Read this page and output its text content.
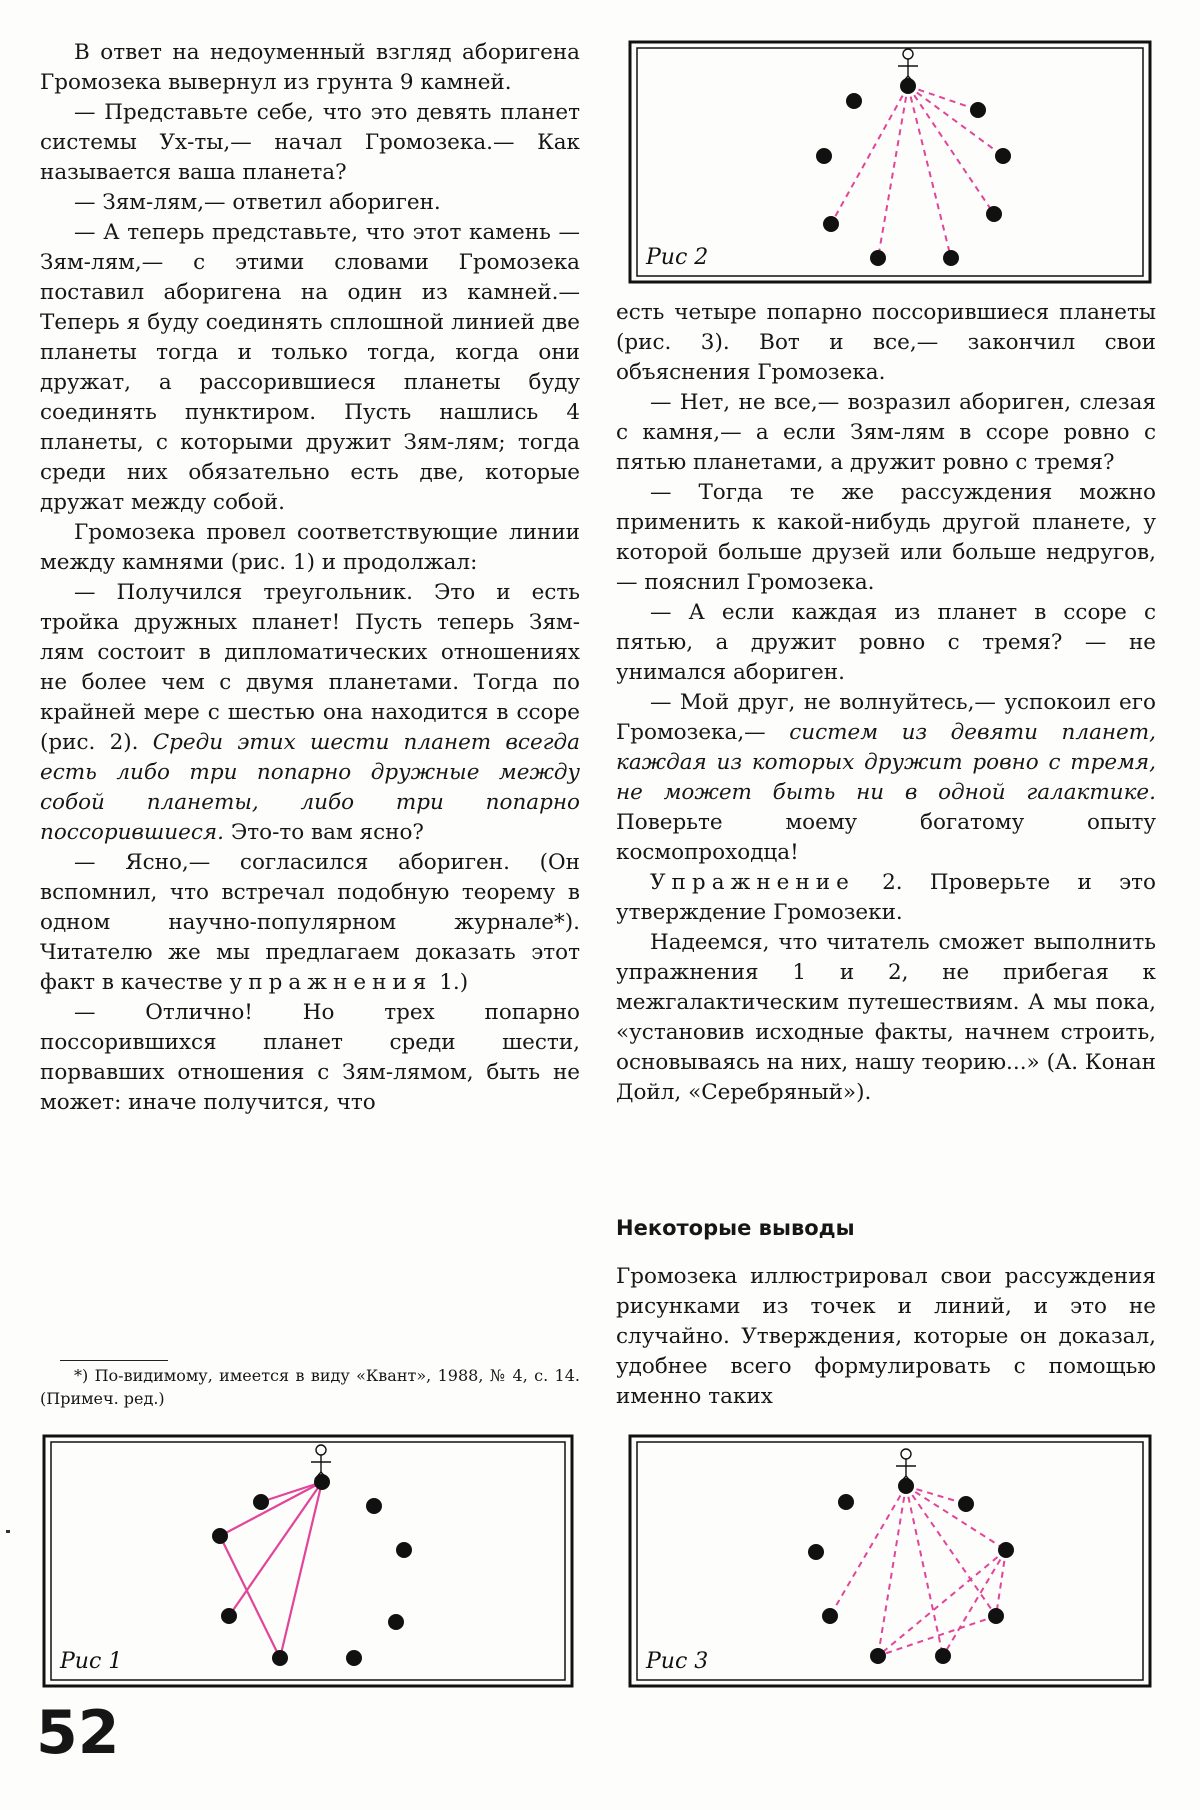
В ответ на недоуменный взгляд аборигена Громозека вывернул из грунта 9 камней.

— Представьте себе, что это девять планет системы Ух-ты,— начал Громозека.— Как называется ваша планета?

— Зям-лям,— ответил абориген.

— А теперь представьте, что этот камень — Зям-лям,— с этими словами Громозека поставил аборигена на один из камней.— Теперь я буду соединять сплошной линией две планеты тогда и только тогда, когда они дружат, а рассорившиеся планеты буду соединять пунктиром. Пусть нашлись 4 планеты, с которыми дружит Зям-лям; тогда среди них обязательно есть две, которые дружат между собой.

Громозека провел соответствующие линии между камнями (рис. 1) и продолжал:

— Получился треугольник. Это и есть тройка дружных планет! Пусть теперь Зям-лям состоит в дипломатических отношениях не более чем с двумя планетами. Тогда по крайней мере с шестью она находится в ссоре (рис. 2). Среди этих шести планет всегда есть либо три попарно дружные между собой планеты, либо три попарно поссорившиеся. Это-то вам ясно?

— Ясно,— согласился абориген. (Он вспомнил, что встречал подобную теорему в одном научно-популярном журнале*). Читателю же мы предлагаем доказать этот факт в качестве упражнения 1.)

— Отлично! Но трех попарно поссорившихся планет среди шести, порвавших отношения с Зям-лямом, быть не может: иначе получится, что

есть четыре попарно поссорившиеся планеты (рис. 3). Вот и все,— закончил свои объяснения Громозека.

— Нет, не все,— возразил абориген, слезая с камня,— а если Зям-лям в ссоре ровно с пятью планетами, а дружит ровно с тремя?

— Тогда те же рассуждения можно применить к какой-нибудь другой планете, у которой больше друзей или больше недругов,— пояснил Громозека.

— А если каждая из планет в ссоре с пятью, а дружит ровно с тремя? — не унимался абориген.

— Мой друг, не волнуйтесь,— успокоил его Громозека,— систем из девяти планет, каждая из которых дружит ровно с тремя, не может быть ни в одной галактике. Поверьте моему богатому опыту космопроходца!

Упражнение 2. Проверьте и это утверждение Громозеки.

Надеемся, что читатель сможет выполнить упражнения 1 и 2, не прибегая к межгалактическим путешествиям. А мы пока, «установив исходные факты, начнем строить, основываясь на них, нашу теорию...» (А. Конан Дойл, «Серебряный»).

Некоторые выводы

Громозека иллюстрировал свои рассуждения рисунками из точек и линий, и это не случайно. Утверждения, которые он доказал, удобнее всего формулировать с помощью именно таких

*) По-видимому, имеется в виду «Квант», 1988, № 4, с. 14. (Примеч. ред.)
52
Рис 2
Рис 1	Рис 3
